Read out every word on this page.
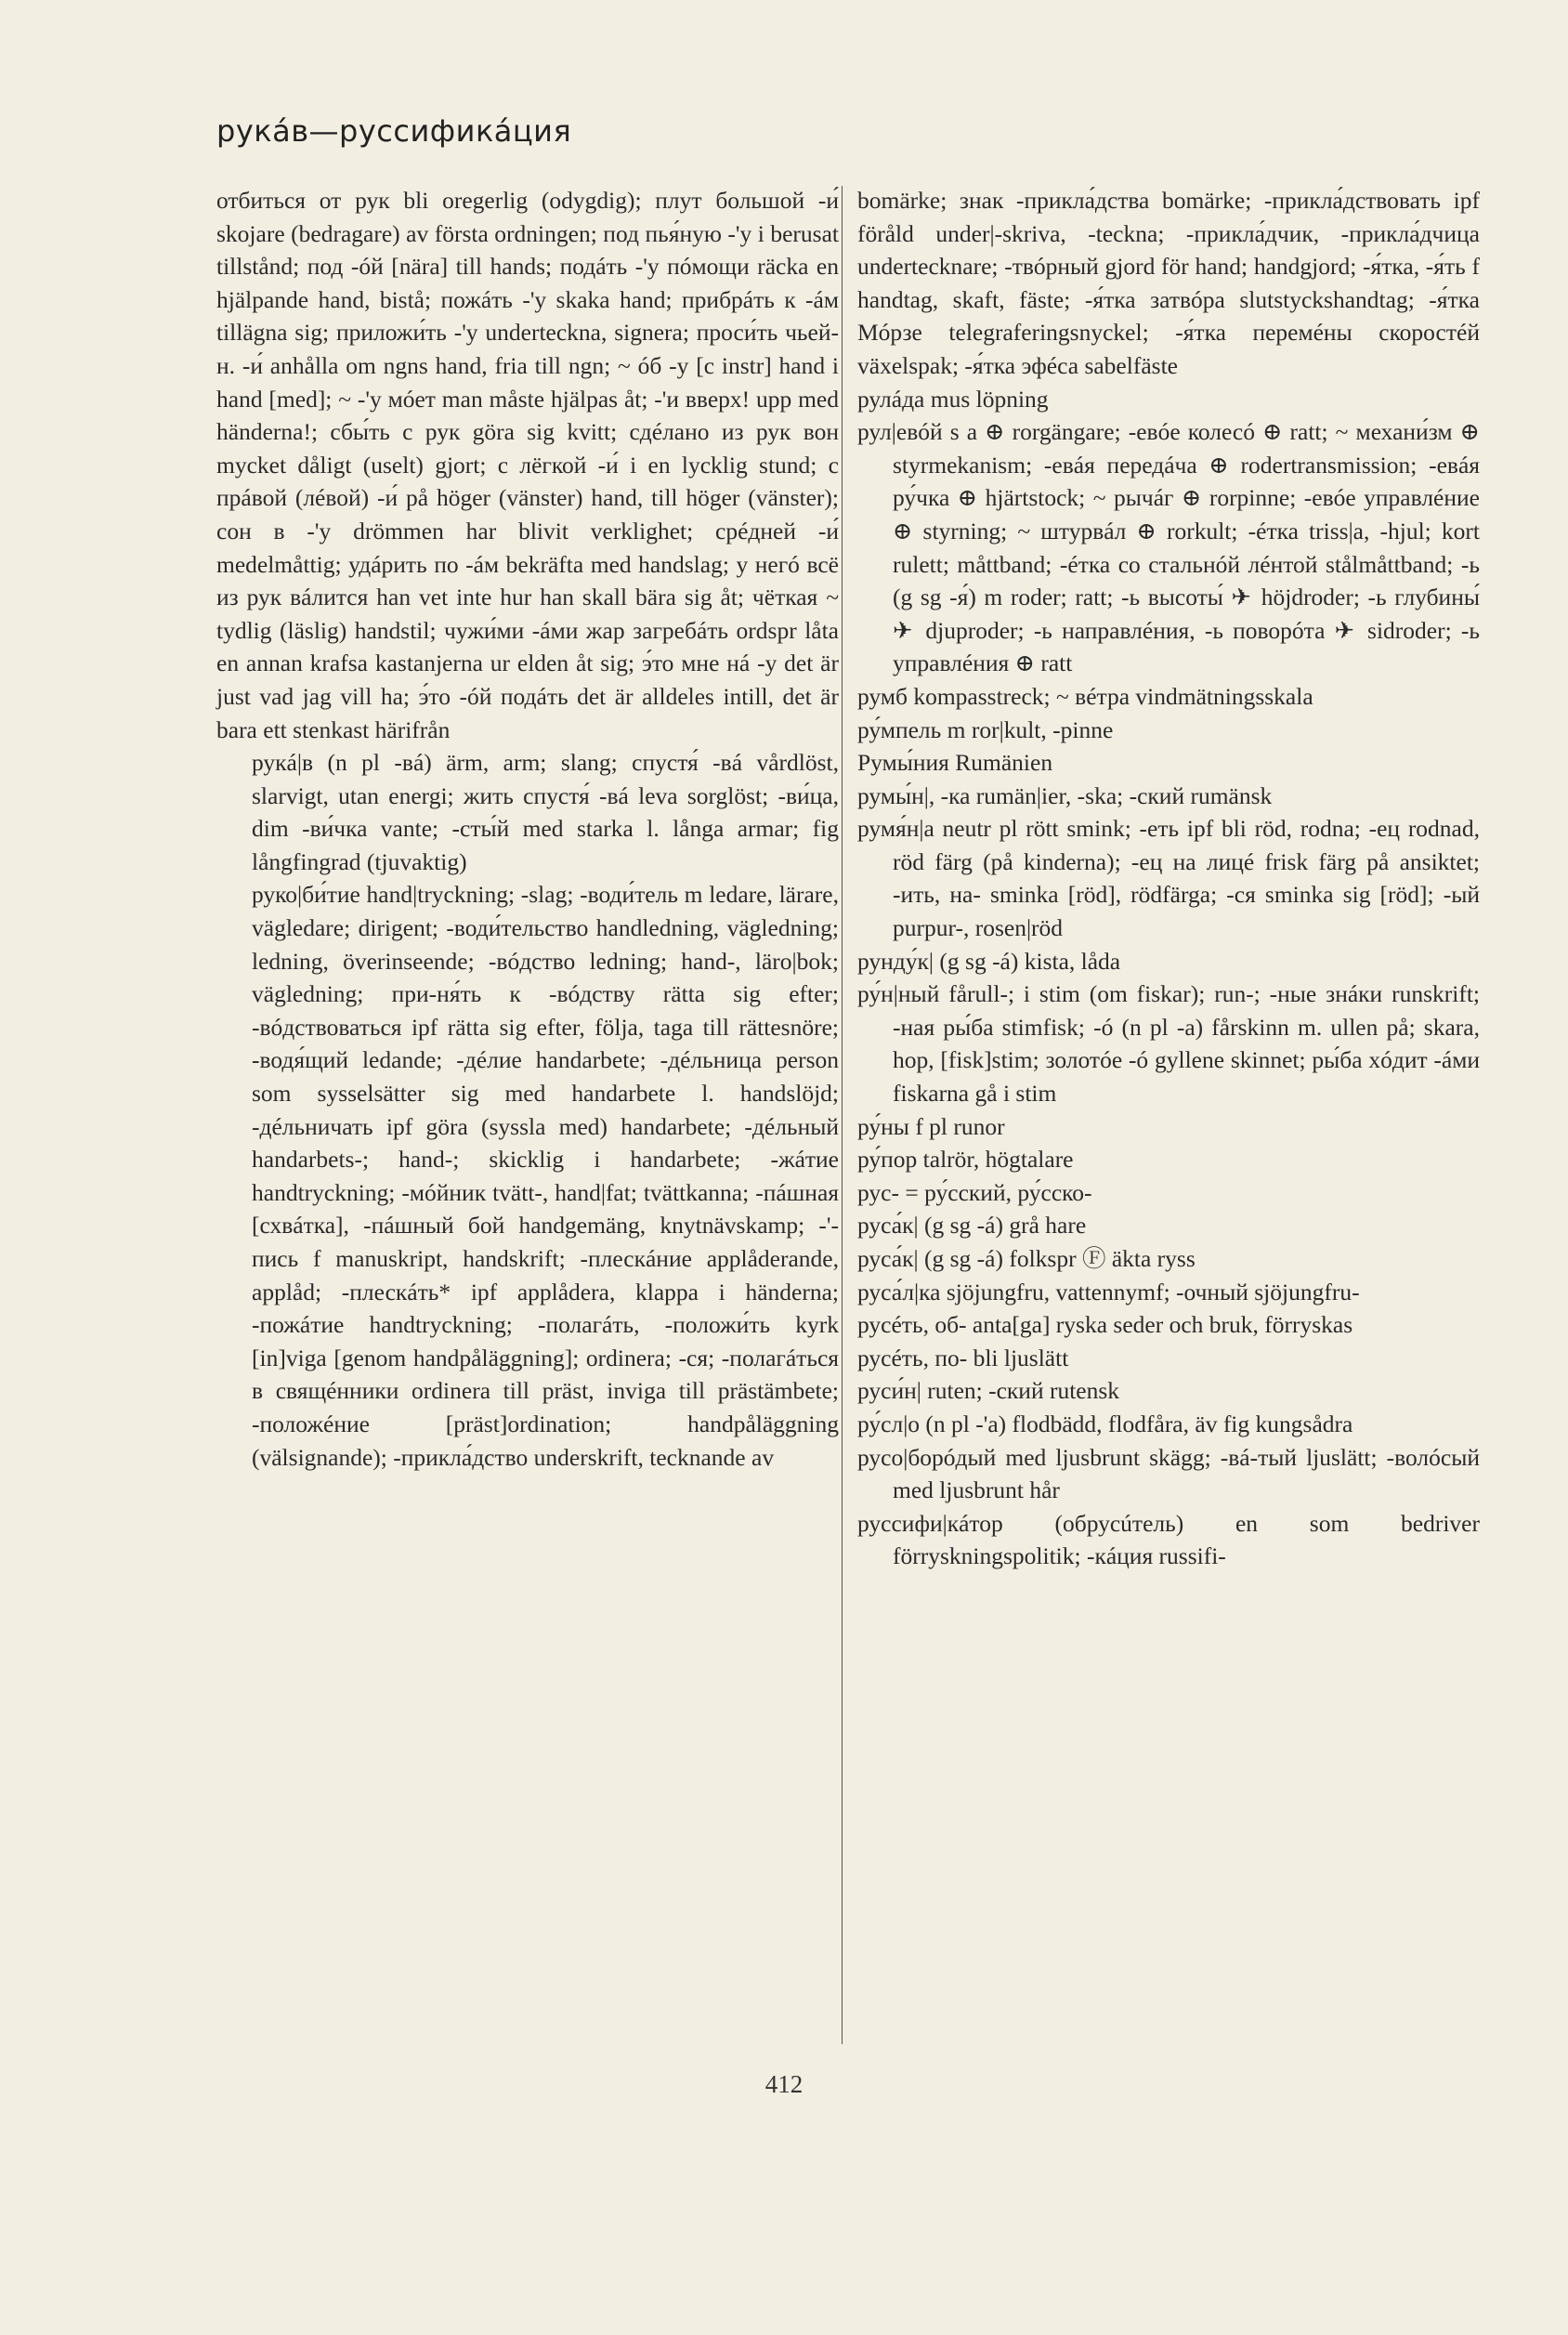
рукáв—руссификáция

отбиться от рук bli oregerlig (odygdig); плут большой -и́ skojare (bedragare) av första ordningen; под пья́ную -'у i berusat tillstånd; под -óй [nära] till hands; подáть -'у пóмощи räcka en hjälpande hand, bistå; пожáть -'у skaka hand; прибрáть к -áм tillägna sig; приложи́ть -'у underteckna, signera; проси́ть чьей-н. -и́ anhålla om ngns hand, fria till ngn; ~ óб -у [с instr] hand i hand [med]; ~ -'у мóет man måste hjälpas åt; -'и вверх! upp med händerna!; сбы́ть с рук göra sig kvitt; сдéлано из рук вон mycket dåligt (uselt) gjort; с лёгкой -и́ i en lycklig stund; с прáвой (лéвой) -и́ på höger (vänster) hand, till höger (vänster); сон в -'у drömmen har blivit verklighet; срéдней -и́ medelmåttig; удáрить по -áм bekräfta med handslag; у негó всё из рук вáлится han vet inte hur han skall bära sig åt; чёткая ~ tydlig (läslig) handstil; чужи́ми -áми жар загребáть ordspr låta en annan krafsa kastanjerna ur elden åt sig; э́то мне нá -у det är just vad jag vill ha; э́то -óй подáть det är alldeles intill, det är bara ett stenkast härifrån

рукá|в (n pl -вá) ärm, arm; slang; спустя́ -вá vårdlöst, slarvigt, utan energi; жить спустя́ -вá leva sorglöst; -ви́ца, dim -ви́чка vante; -сты́й med starka l. långa armar; fig långfingrad (tjuvaktig)

руко|би́тие hand|tryckning; -slag; -води́тель m ledare, lärare, vägledare; dirigent; -води́тельство handledning, vägledning; ledning, överinseende; -вóдство ledning; hand-, läro|bok; vägledning; при-ня́ть к -вóдству rätta sig efter; -вóдствоваться ipf rätta sig efter, följa, taga till rättesnöre; -водя́щий ledande; -дéлие handarbete; -дéльница person som sysselsätter sig med handarbete l. handslöjd; -дéльничать ipf göra (syssla med) handarbete; -дéльный handarbets-; hand-; skicklig i handarbete; -жáтие handtryckning; -мóйник tvätt-, hand|fat; tvättkanna; -пáшная [схвáтка], -пáшный бой handgemäng, knytnävskamp; -'-пись f manuskript, handskrift; -плескáние applåderande, applåd; -плескáть* ipf applådera, klappa i händerna; -пожáтие handtryckning; -полагáть, -положи́ть kyrk [in]viga [genom handpåläggning]; ordinera; -ся; -полагáться в свящéнники ordinera till präst, inviga till prästämbete; -положéние [präst]ordination; handpåläggning (välsignande); -прикла́дство underskrift, tecknande av

bomärke; знак -прикла́дства bomärke; -прикла́дствовать ipf föråld under|-skriva, -teckna; -прикла́дчик, -прикла́дчица undertecknare; -твóрный gjord för hand; handgjord; -я́тка, -я́ть f handtag, skaft, fäste; -я́тка затвóра slutstyckshandtag; -я́тка Мóрзе telegraferingsnyckel; -я́тка перемéны скоростéй växelspak; -я́тка эфéса sabelfäste

рулáда mus löpning

рул|евóй s a ⊕ rorgängare; -евóе колесó ⊕ ratt; ~ механи́зм ⊕ styrmekanism; -евáя передáча ⊕ rodertransmission; -евáя ру́чка ⊕ hjärtstock; ~ рычáг ⊕ rorpinne; -евóе управлéние ⊕ styrning; ~ штурвáл ⊕ rorkult; -éтка triss|a, -hjul; kort rulett; måttband; -éтка со стальнóй лéнтой stålmåttband; -ь (g sg -я́) m roder; ratt; -ь высоты́ ✈ höjdroder; -ь глубины́ ✈ djuproder; -ь направлéния, -ь поворóта ✈ sidroder; -ь управлéния ⊕ ratt

румб kompasstreck; ~ вéтра vindmätningsskala

ру́мпель m ror|kult, -pinne

Румы́ния Rumänien

румы́н|, -ка rumän|ier, -ska; -ский rumänsk

румя́н|а neutr pl rött smink; -еть ipf bli röd, rodna; -ец rodnad, röd färg (på kinderna); -ец на лицé frisk färg på ansiktet; -ить, на- sminka [röd], rödfärga; -ся sminka sig [röd]; -ый purpur-, rosen|röd

рунду́к| (g sg -á) kista, låda

ру́н|ный fårull-; i stim (om fiskar); run-; -ные знáки runskrift; -ная ры́ба stimfisk; -ó (n pl -а) fårskinn m. ullen på; skara, hop, [fisk]stim; золотóе -ó gyllene skinnet; ры́ба хóдит -áми fiskarna gå i stim

ру́ны f pl runor

ру́пор talrör, högtalare

рус- = ру́сский, ру́сско-

руса́к| (g sg -á) grå hare

руса́к| (g sg -á) folkspr Ⓕ äkta ryss

руса́л|ка sjöjungfru, vattennymf; -очный sjöjungfru-

русéть, об- anta[ga] ryska seder och bruk, förryskas

русéть, по- bli ljuslätt

руси́н| ruten; -ский rutensk

ру́сл|о (n pl -'а) flodbädd, flodfåra, äv fig kungsådra

русо|борóдый med ljusbrunt skägg; -вá-тый ljuslätt; -волóсый med ljusbrunt hår

руссифи|кáтор (обрусúтель) en som bedriver förryskningspolitik; -кáция russifi-

412
